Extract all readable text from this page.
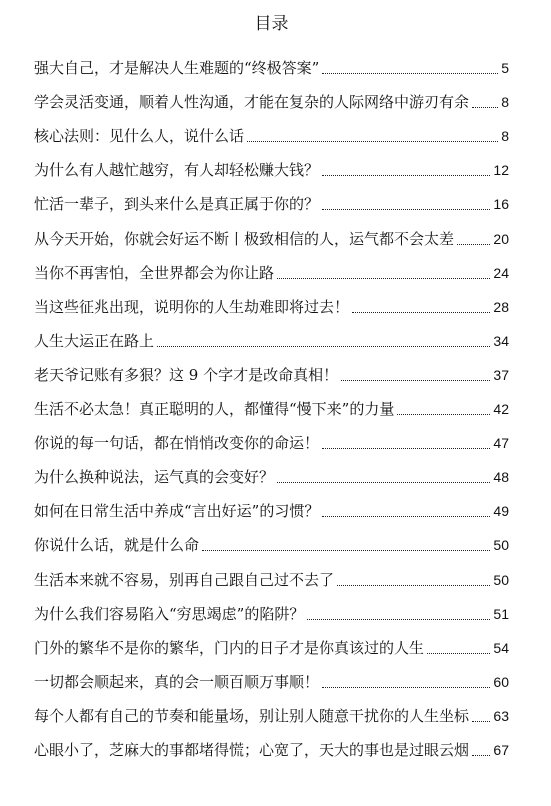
目录
强大自己，才是解决人生难题的“终极答案”	5
学会灵活变通，顺着人性沟通，才能在复杂的人际网络中游刃有余 8
核心法则：见什么人，说什么话	8
为什么有人越忙越穷，有人却轻松赚大钱？	12
忙活一辈子，到头来什么是真正属于你的？	16
从今天开始，你就会好运不断丨极致相信的人，运气都不会太差	20
当你不再害怕，全世界都会为你让路	24
当这些征兆出现，说明你的人生劫难即将过去！	28
人生大运正在路上	34
老天爷记账有多狠？这 9 个字才是改命真相！	37
生活不必太急！真正聪明的人，都懂得“慢下来”的力量	42
你说的每一句话，都在悄悄改变你的命运！	47
为什么换种说法，运气真的会变好？	48
如何在日常生活中养成“言出好运”的习惯？	49
你说什么话，就是什么命	50
生活本来就不容易，别再自己跟自己过不去了	50
为什么我们容易陷入“穷思竭虑”的陷阱？	51
门外的繁华不是你的繁华，门内的日子才是你真该过的人生	54
一切都会顺起来，真的会一顺百顺万事顺！	60
每个人都有自己的节奏和能量场，别让别人随意干扰你的人生坐标 63
心眼小了，芝麻大的事都堵得慌；心宽了，天大的事也是过眼云烟 67
